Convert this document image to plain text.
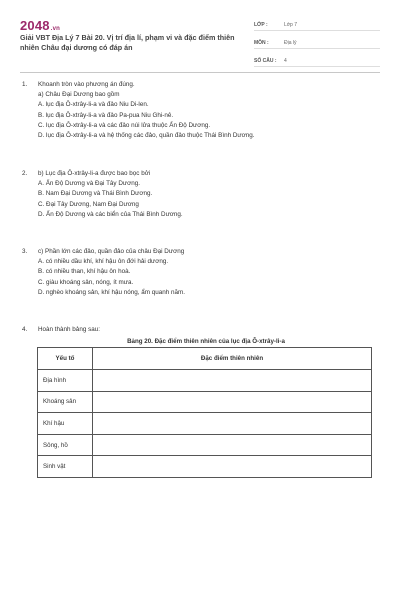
2048.vn
Giải VBT Địa Lý 7 Bài 20. Vị trí địa lí, phạm vi và đặc điểm thiên nhiên Châu đại dương có đáp án
LỚP :	Lớp 7
MÔN :	Địa lý
SỐ CÂU :	4
1. Khoanh tròn vào phương án đúng.
a) Châu Đại Dương bao gồm
A. lục địa Ô-xtrây-li-a và đảo Niu Di-len.
B. lục địa Ô-xtrây-li-a và đảo Pa-pua Niu Ghi-nê.
C. lục địa Ô-xtrây-li-a và các đảo núi lửa thuộc Ấn Độ Dương.
D. lục địa Ô-xtrây-li-a và hệ thống các đảo, quần đảo thuộc Thái Bình Dương.
2. b) Lục địa Ô-xtrây-li-a được bao bọc bởi
A. Ấn Độ Dương và Đại Tây Dương.
B. Nam Đại Dương và Thái Bình Dương.
C. Đại Tây Dương, Nam Đại Dương
D. Ấn Độ Dương và các biển của Thái Bình Dương.
3. c) Phần lớn các đảo, quần đảo của châu Đại Dương
A. có nhiều dầu khí, khí hậu ôn đới hải dương.
B. có nhiều than, khí hậu ôn hoà.
C. giàu khoáng sản, nóng, ít mưa.
D. nghèo khoáng sản, khí hậu nóng, ẩm quanh năm.
4. Hoàn thành bảng sau:
Bảng 20. Đặc điểm thiên nhiên của lục địa Ô-xtrây-li-a
Yếu tố	Đặc điểm thiên nhiên
Địa hình	
Khoáng sản	
Khí hậu	
Sông, hồ	
Sinh vật	
